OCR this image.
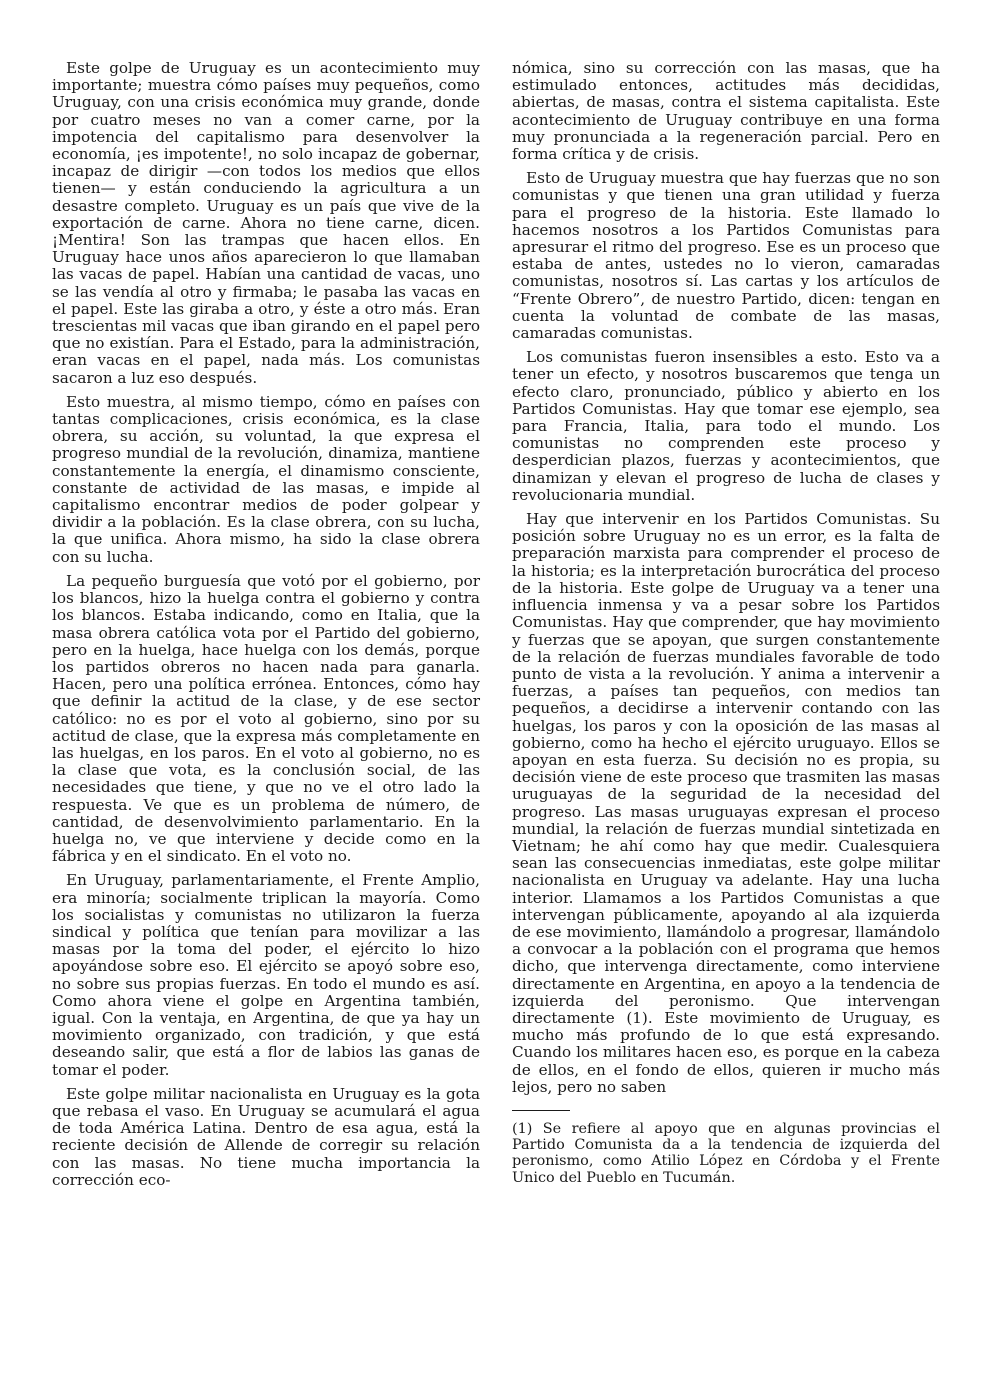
Este golpe de Uruguay es un acontecimiento muy importante; muestra cómo países muy pequeños, como Uruguay, con una crisis económica muy grande, donde por cuatro meses no van a comer carne, por la impotencia del capitalismo para desenvolver la economía, ¡es impotente!, no solo incapaz de gobernar, incapaz de dirigir —con todos los medios que ellos tienen— y están conduciendo la agricultura a un desastre completo. Uruguay es un país que vive de la exportación de carne. Ahora no tiene carne, dicen. ¡Mentira! Son las trampas que hacen ellos. En Uruguay hace unos años aparecieron lo que llamaban las vacas de papel. Habían una cantidad de vacas, uno se las vendía al otro y firmaba; le pasaba las vacas en el papel. Este las giraba a otro, y éste a otro más. Eran trescientas mil vacas que iban girando en el papel pero que no existían. Para el Estado, para la administración, eran vacas en el papel, nada más. Los comunistas sacaron a luz eso después.

Esto muestra, al mismo tiempo, cómo en países con tantas complicaciones, crisis económica, es la clase obrera, su acción, su voluntad, la que expresa el progreso mundial de la revolución, dinamiza, mantiene constantemente la energía, el dinamismo consciente, constante de actividad de las masas, e impide al capitalismo encontrar medios de poder golpear y dividir a la población. Es la clase obrera, con su lucha, la que unifica. Ahora mismo, ha sido la clase obrera con su lucha.

La pequeño burguesía que votó por el gobierno, por los blancos, hizo la huelga contra el gobierno y contra los blancos. Estaba indicando, como en Italia, que la masa obrera católica vota por el Partido del gobierno, pero en la huelga, hace huelga con los demás, porque los partidos obreros no hacen nada para ganarla. Hacen, pero una política errónea. Entonces, cómo hay que definir la actitud de la clase, y de ese sector católico: no es por el voto al gobierno, sino por su actitud de clase, que la expresa más completamente en las huelgas, en los paros. En el voto al gobierno, no es la clase que vota, es la conclusión social, de las necesidades que tiene, y que no ve el otro lado la respuesta. Ve que es un problema de número, de cantidad, de desenvolvimiento parlamentario. En la huelga no, ve que interviene y decide como en la fábrica y en el sindicato. En el voto no.

En Uruguay, parlamentariamente, el Frente Amplio, era minoría; socialmente triplican la mayoría. Como los socialistas y comunistas no utilizaron la fuerza sindical y política que tenían para movilizar a las masas por la toma del poder, el ejército lo hizo apoyándose sobre eso. El ejército se apoyó sobre eso, no sobre sus propias fuerzas. En todo el mundo es así. Como ahora viene el golpe en Argentina también, igual. Con la ventaja, en Argentina, de que ya hay un movimiento organizado, con tradición, y que está deseando salir, que está a flor de labios las ganas de tomar el poder.

Este golpe militar nacionalista en Uruguay es la gota que rebasa el vaso. En Uruguay se acumulará el agua de toda América Latina. Dentro de esa agua, está la reciente decisión de Allende de corregir su relación con las masas. No tiene mucha importancia la corrección eco-

nómica, sino su corrección con las masas, que ha estimulado entonces, actitudes más decididas, abiertas, de masas, contra el sistema capitalista. Este acontecimiento de Uruguay contribuye en una forma muy pronunciada a la regeneración parcial. Pero en forma crítica y de crisis.

Esto de Uruguay muestra que hay fuerzas que no son comunistas y que tienen una gran utilidad y fuerza para el progreso de la historia. Este llamado lo hacemos nosotros a los Partidos Comunistas para apresurar el ritmo del progreso. Ese es un proceso que estaba de antes, ustedes no lo vieron, camaradas comunistas, nosotros sí. Las cartas y los artículos de “Frente Obrero”, de nuestro Partido, dicen: tengan en cuenta la voluntad de combate de las masas, camaradas comunistas.

Los comunistas fueron insensibles a esto. Esto va a tener un efecto, y nosotros buscaremos que tenga un efecto claro, pronunciado, público y abierto en los Partidos Comunistas. Hay que tomar ese ejemplo, sea para Francia, Italia, para todo el mundo. Los comunistas no comprenden este proceso y desperdician plazos, fuerzas y acontecimientos, que dinamizan y elevan el progreso de lucha de clases y revolucionaria mundial.

Hay que intervenir en los Partidos Comunistas. Su posición sobre Uruguay no es un error, es la falta de preparación marxista para comprender el proceso de la historia; es la interpretación burocrática del proceso de la historia. Este golpe de Uruguay va a tener una influencia inmensa y va a pesar sobre los Partidos Comunistas. Hay que comprender, que hay movimiento y fuerzas que se apoyan, que surgen constantemente de la relación de fuerzas mundiales favorable de todo punto de vista a la revolución. Y anima a intervenir a fuerzas, a países tan pequeños, con medios tan pequeños, a decidirse a intervenir contando con las huelgas, los paros y con la oposición de las masas al gobierno, como ha hecho el ejército uruguayo. Ellos se apoyan en esta fuerza. Su decisión no es propia, su decisión viene de este proceso que trasmiten las masas uruguayas de la seguridad de la necesidad del progreso. Las masas uruguayas expresan el proceso mundial, la relación de fuerzas mundial sintetizada en Vietnam; he ahí como hay que medir. Cualesquiera sean las consecuencias inmediatas, este golpe militar nacionalista en Uruguay va adelante. Hay una lucha interior. Llamamos a los Partidos Comunistas a que intervengan públicamente, apoyando al ala izquierda de ese movimiento, llamándolo a progresar, llamándolo a convocar a la población con el programa que hemos dicho, que intervenga directamente, como interviene directamente en Argentina, en apoyo a la tendencia de izquierda del peronismo. Que intervengan directamente (1). Este movimiento de Uruguay, es mucho más profundo de lo que está expresando. Cuando los militares hacen eso, es porque en la cabeza de ellos, en el fondo de ellos, quieren ir mucho más lejos, pero no saben

(1) Se refiere al apoyo que en algunas provincias el Partido Comunista da a la tendencia de izquierda del peronismo, como Atilio López en Córdoba y el Frente Unico del Pueblo en Tucumán.
